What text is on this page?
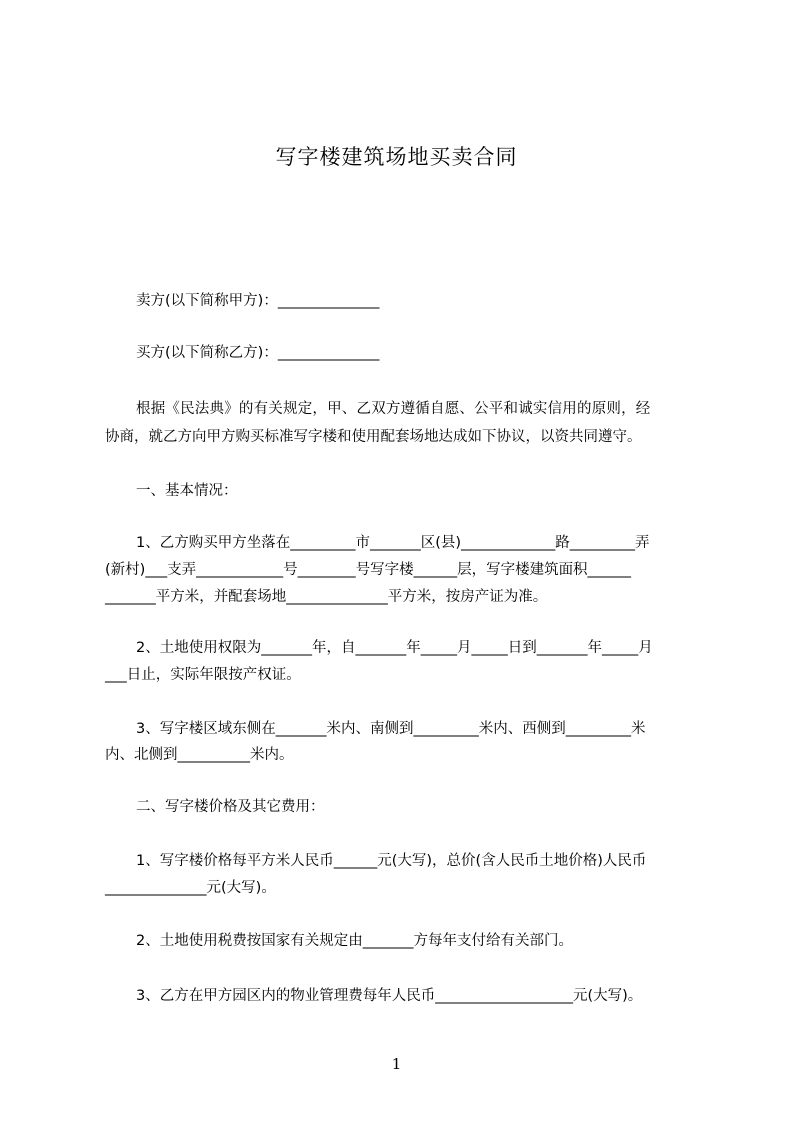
写字楼建筑场地买卖合同
卖方(以下简称甲方)：______________
买方(以下简称乙方)：______________
根据《民法典》的有关规定，甲、乙双方遵循自愿、公平和诚实信用的原则，经
协商，就乙方向甲方购买标准写字楼和使用配套场地达成如下协议，以资共同遵守。
一、基本情况：
1、乙方购买甲方坐落在_________市_______区(县)_____________路_________弄
(新村)___支弄____________号________号写字楼______层，写字楼建筑面积______
_______平方米，并配套场地______________平方米，按房产证为准。
2、土地使用权限为_______年，自_______年_____月_____日到_______年_____月
___日止，实际年限按产权证。
3、写字楼区域东侧在_______米内、南侧到_________米内、西侧到_________米
内、北侧到__________米内。
二、写字楼价格及其它费用：
1、写字楼价格每平方米人民币______元(大写)，总价(含人民币土地价格)人民币
______________元(大写)。
2、土地使用税费按国家有关规定由_______方每年支付给有关部门。
3、乙方在甲方园区内的物业管理费每年人民币___________________元(大写)。
1
